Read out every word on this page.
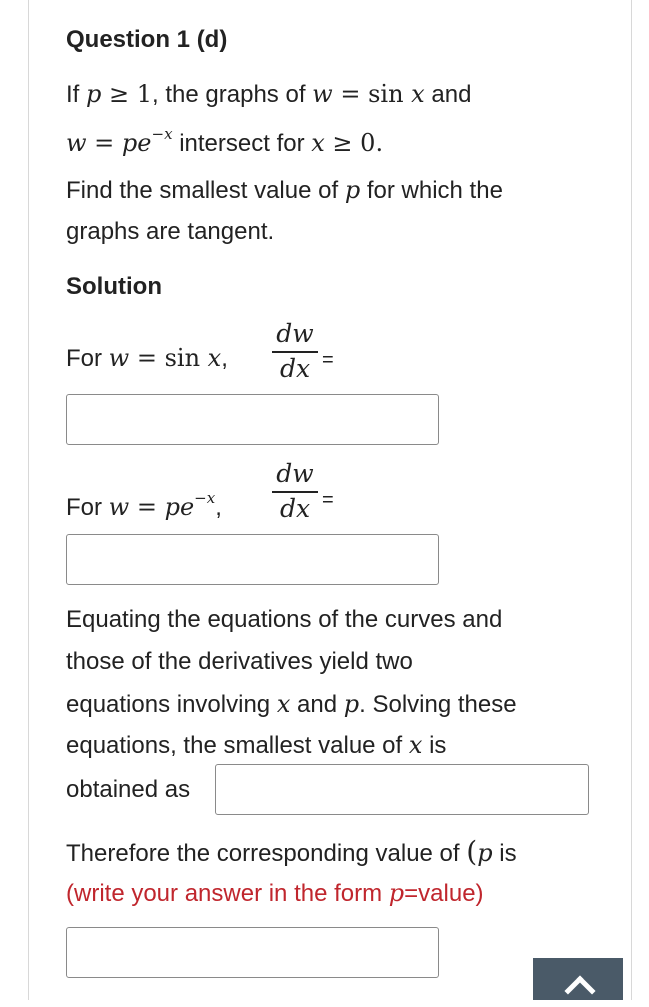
Question 1 (d)
If p ≥ 1, the graphs of w = sin x and
$w = pe^{-x}$ intersect for x ≥ 0.
Find the smallest value of p for which the
graphs are tangent.
Solution
For w = sin x,
dw
dx =
For $w = pe^{-x}$,
dw
dx =
Equating the equations of the curves and
those of the derivatives yield two
equations involving x and p. Solving these
equations, the smallest value of x is
obtained as
Therefore the corresponding value of (p is
(write your answer in the form p=value)
